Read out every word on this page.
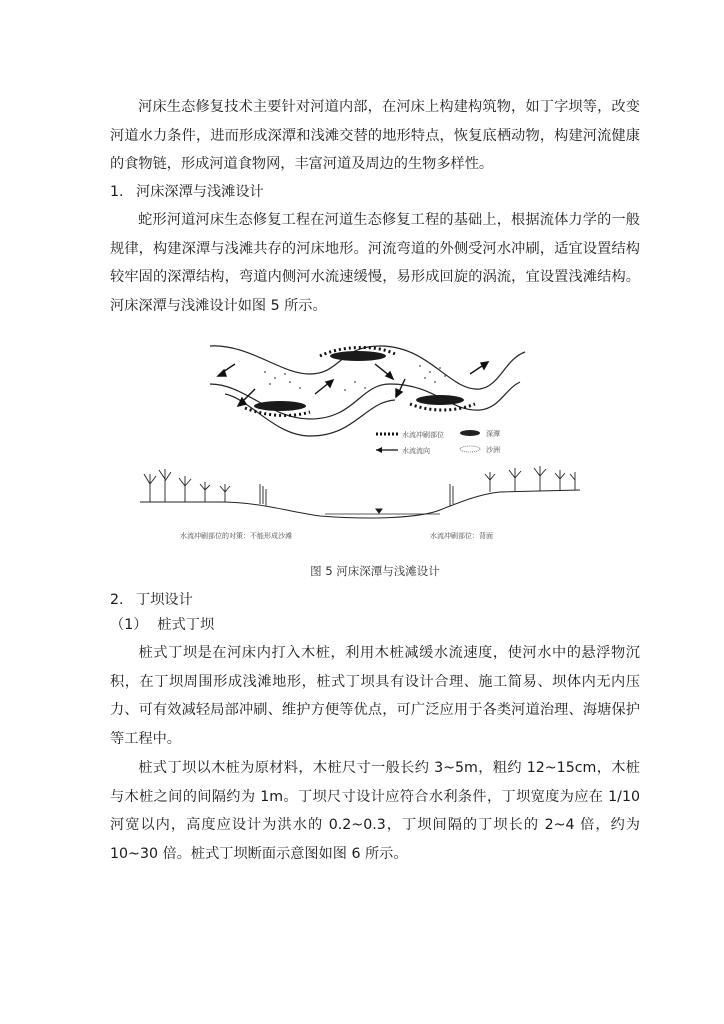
河床生态修复技术主要针对河道内部，在河床上构建构筑物，如丁字坝等，改变河道水力条件，进而形成深潭和浅滩交替的地形特点，恢复底栖动物，构建河流健康的食物链，形成河道食物网，丰富河道及周边的生物多样性。

1. 河床深潭与浅滩设计

蛇形河道河床生态修复工程在河道生态修复工程的基础上，根据流体力学的一般规律，构建深潭与浅滩共存的河床地形。河流弯道的外侧受河水冲刷，适宜设置结构较牢固的深潭结构，弯道内侧河水流速缓慢，易形成回旋的涡流，宜设置浅滩结构。河床深潭与浅滩设计如图 5 所示。

水流冲刷部位	深潭
水流流向	沙洲
水流冲刷部位的对策：不能形成沙滩	水流冲刷部位：背面
图 5 河床深潭与浅滩设计
2. 丁坝设计
（1） 桩式丁坝

桩式丁坝是在河床内打入木桩，利用木桩减缓水流速度，使河水中的悬浮物沉积，在丁坝周围形成浅滩地形，桩式丁坝具有设计合理、施工简易、坝体内无内压力、可有效减轻局部冲刷、维护方便等优点，可广泛应用于各类河道治理、海塘保护等工程中。

桩式丁坝以木桩为原材料，木桩尺寸一般长约 3~5m，粗约 12~15cm，木桩与木桩之间的间隔约为 1m。丁坝尺寸设计应符合水利条件，丁坝宽度为应在 1/10 河宽以内，高度应设计为洪水的 0.2~0.3，丁坝间隔的丁坝长的 2~4 倍，约为 10~30 倍。桩式丁坝断面示意图如图 6 所示。
